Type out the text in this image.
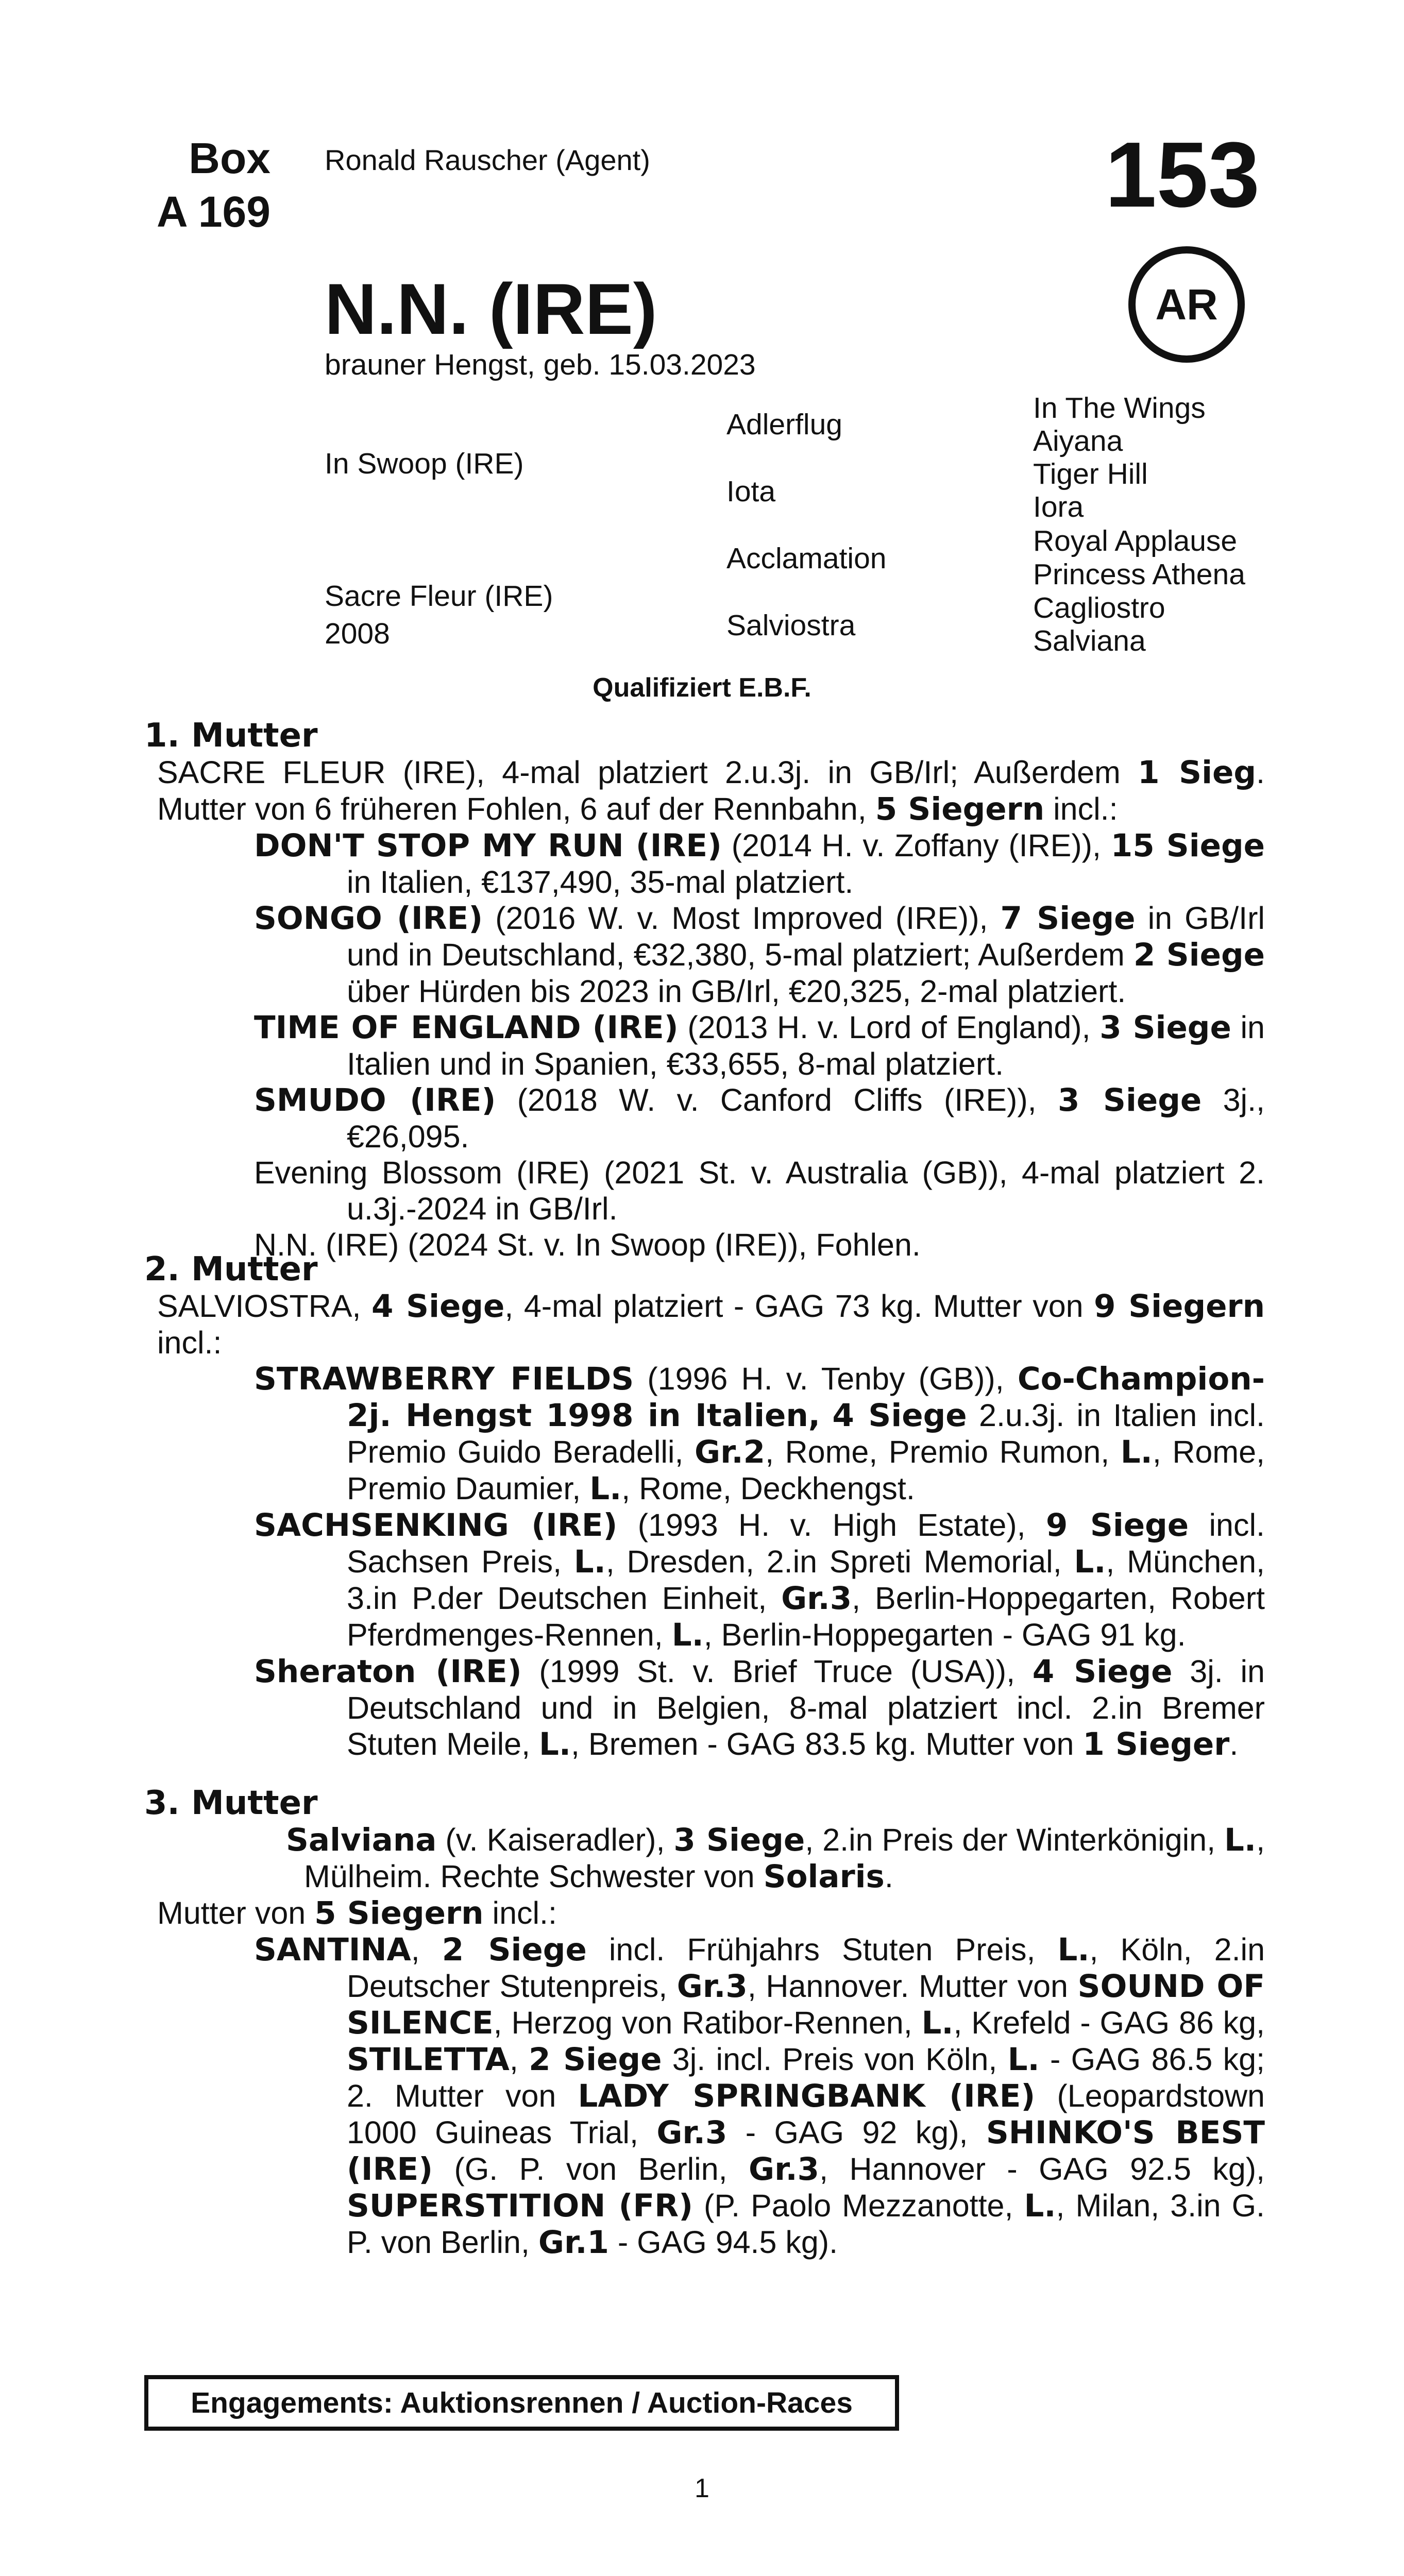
Box
A 169
Ronald Rauscher (Agent)	153
AR
N.N. (IRE)
brauner Hengst, geb. 15.03.2023
In Swoop (IRE)
Sacre Fleur (IRE)
2008
Adlerflug
Iota
Acclamation
Salviostra
In The Wings
Aiyana
Tiger Hill
Iora
Royal Applause
Princess Athena
Cagliostro
Salviana
Qualifiziert E.B.F.
1. Mutter

SACRE FLEUR (IRE), 4-mal platziert 2.u.3j. in GB/Irl; Außerdem 1 Sieg. Mutter von 6 früheren Fohlen, 6 auf der Rennbahn, 5 Siegern incl.:

DON'T STOP MY RUN (IRE) (2014 H. v. Zoffany (IRE)), 15 Siege in Italien, €137,490, 35-mal platziert.

SONGO (IRE) (2016 W. v. Most Improved (IRE)), 7 Siege in GB/Irl und in Deutschland, €32,380, 5-mal platziert; Außerdem 2 Siege über Hürden bis 2023 in GB/Irl, €20,325, 2-mal platziert.

TIME OF ENGLAND (IRE) (2013 H. v. Lord of England), 3 Siege in Italien und in Spanien, €33,655, 8-mal platziert.

SMUDO (IRE) (2018 W. v. Canford Cliffs (IRE)), 3 Siege 3j., €26,095.

Evening Blossom (IRE) (2021 St. v. Australia (GB)), 4-mal platziert 2. u.3j.-2024 in GB/Irl.

N.N. (IRE) (2024 St. v. In Swoop (IRE)), Fohlen.

2. Mutter

SALVIOSTRA, 4 Siege, 4-mal platziert - GAG 73 kg. Mutter von 9 Siegern incl.:

STRAWBERRY FIELDS (1996 H. v. Tenby (GB)), Co-Champion-2j. Hengst 1998 in Italien, 4 Siege 2.u.3j. in Italien incl. Premio Guido Beradelli, Gr.2, Rome, Premio Rumon, L., Rome, Premio Daumier, L., Rome, Deckhengst.

SACHSENKING (IRE) (1993 H. v. High Estate), 9 Siege incl. Sachsen Preis, L., Dresden, 2.in Spreti Memorial, L., München, 3.in P.der Deutschen Einheit, Gr.3, Berlin-Hoppegarten, Robert Pferdmenges-Rennen, L., Berlin-Hoppegarten - GAG 91 kg.

Sheraton (IRE) (1999 St. v. Brief Truce (USA)), 4 Siege 3j. in Deutschland und in Belgien, 8-mal platziert incl. 2.in Bremer Stuten Meile, L., Bremen - GAG 83.5 kg. Mutter von 1 Sieger.

3. Mutter

Salviana (v. Kaiseradler), 3 Siege, 2.in Preis der Winterkönigin, L., Mülheim. Rechte Schwester von Solaris.

Mutter von 5 Siegern incl.:

SANTINA, 2 Siege incl. Frühjahrs Stuten Preis, L., Köln, 2.in Deutscher Stutenpreis, Gr.3, Hannover. Mutter von SOUND OF SILENCE, Herzog von Ratibor-Rennen, L., Krefeld - GAG 86 kg, STILETTA, 2 Siege 3j. incl. Preis von Köln, L. - GAG 86.5 kg; 2. Mutter von LADY SPRINGBANK (IRE) (Leopardstown 1000 Guineas Trial, Gr.3 - GAG 92 kg), SHINKO'S BEST (IRE) (G. P. von Berlin, Gr.3, Hannover - GAG 92.5 kg), SUPERSTITION (FR) (P. Paolo Mezzanotte, L., Milan, 3.in G. P. von Berlin, Gr.1 - GAG 94.5 kg).

Engagements: Auktionsrennen / Auction-Races
1
